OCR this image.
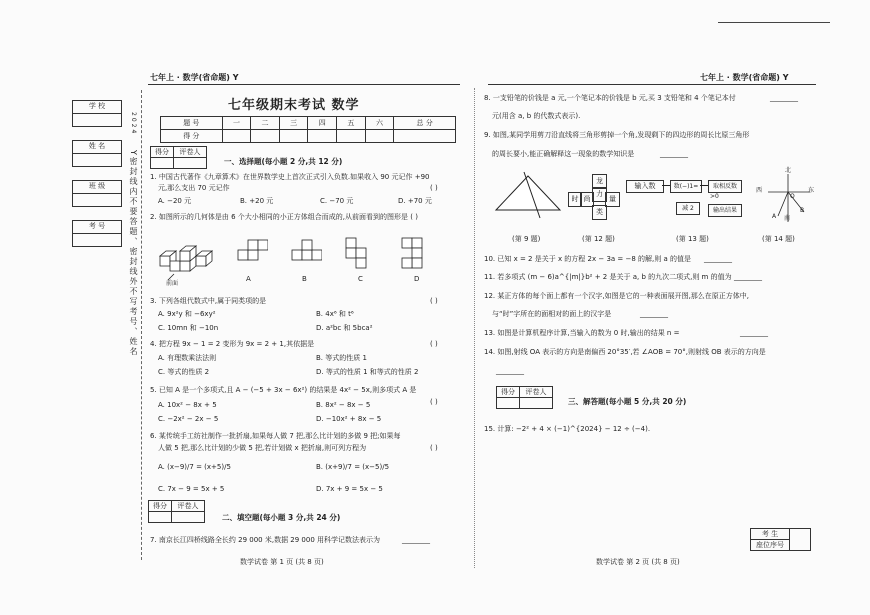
七年上 · 数学(省命题) Y	七年上 · 数学(省命题) Y
学 校
姓 名
班 级
考 号
2024
Y密封线内不要答题、密封线外不写考号、姓名
七年级期末考试 数学
题 号	一	二	三	四	五	六	总 分
得 分							
得分	评卷人

一、选择题(每小题 2 分,共 12 分)
1. 中国古代著作《九章算术》在世界数学史上首次正式引入负数.如果收入 90 元记作 +90
元,那么支出 70 元记作	( )
A. −20 元	B. +20 元	C. −70 元	D. +70 元
2. 如图所示的几何体是由 6 个大小相同的小正方体组合而成的,从前面看到的图形是 ( )
前面
A	B	C	D
3. 下列各组代数式中,属于同类项的是	( )
A. 9x²y 和 −6xy²	B. 4x⁶ 和 t⁶
C. 10mn 和 −10n	D. a²bc 和 5bca²
4. 把方程 9x − 1 = 2 变形为 9x = 2 + 1,其依据是	( )
A. 有理数乘法法则	B. 等式的性质 1
C. 等式的性质 2	D. 等式的性质 1 和等式的性质 2
5. 已知 A 是一个多项式,且 A − (−5 + 3x − 6x²) 的结果是 4x² − 5x,则多项式 A 是
( )
A. 10x² − 8x + 5	B. 8x² − 8x − 5
C. −2x² − 2x − 5	D. −10x² + 8x − 5
6. 某传统手工纺社制作一批折扇,如果每人做 7 把,那么比计划的多做 9 把;如果每
人做 5 把,那么比计划的少做 5 把,若计划做 x 把折扇,则可列方程为	( )
A. (x−9)/7 = (x+5)/5	B. (x+9)/7 = (x−5)/5
C. 7x − 9 = 5x + 5	D. 7x + 9 = 5x − 5
得分	评卷人

二、填空题(每小题 3 分,共 24 分)
7. 南京长江四桥线路全长约 29 000 米,数据 29 000 用科学记数法表示为	________
数学试卷 第 1 页 (共 8 页)
8. 一支铅笔的价钱是 a 元,一个笔记本的价钱是 b 元,买 3 支铅笔和 4 个笔记本付	________
元(用含 a, b 的代数式表示).
9. 如图,某同学用剪刀沿直线将三角形剪掉一个角,发现剩下的四边形的周长比原三角形
的周长要小,能正确解释这一现象的数学知识是	________
龙
力
时 尚	量
类
输入数	数(−)1=	取相反数
>0
减 2	输出结果
北
东
西
南
O
A
B
(第 9 题)	(第 12 题)	(第 13 题)	(第 14 题)
10. 已知 x = 2 是关于 x 的方程 2x − 3a = −8 的解,则 a 的值是 ________
11. 若多项式 (m − 6)a^{|m|}b² + 2 是关于 a, b 的九次二项式,则 m 的值为 ________
12. 某正方体的每个面上都有一个汉字,如图是它的一种表面展开图,那么在原正方体中,
与“时”字所在的面相对的面上的汉字是	________
13. 如图是计算机程序计算,当输入的数为 0 时,输出的结果 n =	________
14. 如图,射线 OA 表示的方向是南偏西 20°35′,若 ∠AOB = 70°,则射线 OB 表示的方向是
________
得分	评卷人

三、解答题(每小题 5 分,共 20 分)
15. 计算: −2² + 4 × (−1)^{2024} − 12 ÷ (−4).
考 生	
座位序号
数学试卷 第 2 页 (共 8 页)
